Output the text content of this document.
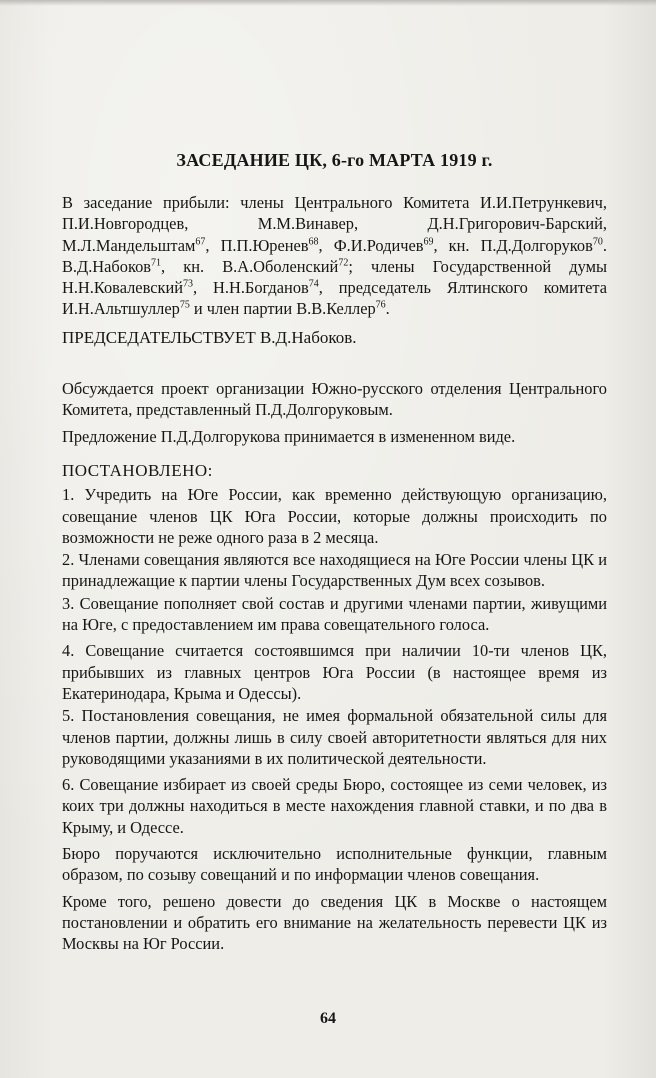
ЗАСЕДАНИЕ ЦК, 6-го МАРТА 1919 г.

В заседание прибыли: члены Центрального Комитета И.И.Петрункевич, П.И.Новгородцев, М.М.Винавер, Д.Н.Григорович-Барский, М.Л.Мандельштам$^{67}$, П.П.Юренев$^{68}$, Ф.И.Родичев$^{69}$, кн. П.Д.Долгоруков$^{70}$. В.Д.Набоков$^{71}$, кн. В.А.Оболенский$^{72}$; члены Государственной думы Н.Н.Ковалевский$^{73}$, Н.Н.Богданов$^{74}$, председатель Ялтинского комитета И.Н.Альтшуллер$^{75}$ и член партии В.В.Келлер$^{76}$.

ПРЕДСЕДАТЕЛЬСТВУЕТ В.Д.Набоков.

Обсуждается проект организации Южно-русского отделения Центрального Комитета, представленный П.Д.Долгоруковым.

Предложение П.Д.Долгорукова принимается в измененном виде.

ПОСТАНОВЛЕНО:

1. Учредить на Юге России, как временно действующую организацию, совещание членов ЦК Юга России, которые должны происходить по возможности не реже одного раза в 2 месяца.

2. Членами совещания являются все находящиеся на Юге России члены ЦК и принадлежащие к партии члены Государственных Дум всех созывов.

3. Совещание пополняет свой состав и другими членами партии, живущими на Юге, с предоставлением им права совещательного голоса.

4. Совещание считается состоявшимся при наличии 10-ти членов ЦК, прибывших из главных центров Юга России (в настоящее время из Екатеринодара, Крыма и Одессы).

5. Постановления совещания, не имея формальной обязательной силы для членов партии, должны лишь в силу своей авторитетности являться для них руководящими указаниями в их политической деятельности.

6. Совещание избирает из своей среды Бюро, состоящее из семи человек, из коих три должны находиться в месте нахождения главной ставки, и по два в Крыму, и Одессе.

Бюро поручаются исключительно исполнительные функции, главным образом, по созыву совещаний и по информации членов совещания.

Кроме того, решено довести до сведения ЦК в Москве о настоящем постановлении и обратить его внимание на желательность перевести ЦК из Москвы на Юг России.

64
